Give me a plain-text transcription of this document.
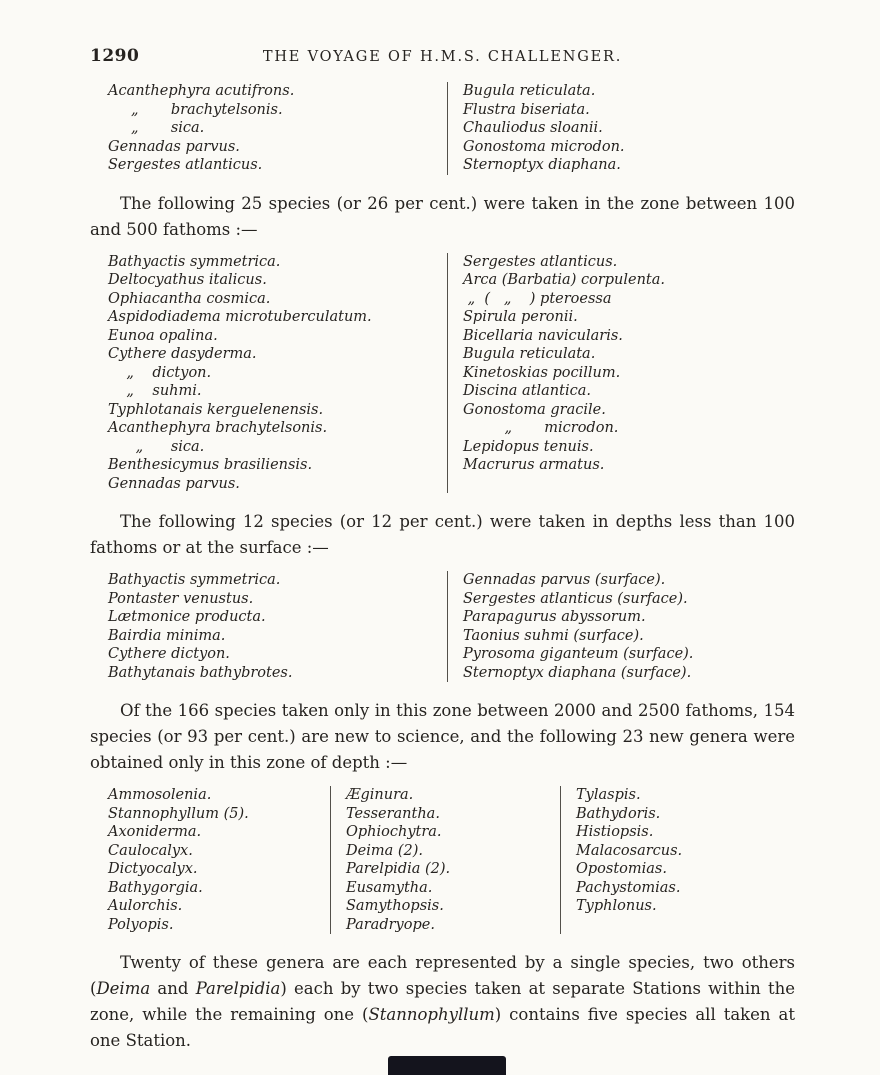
1290	THE VOYAGE OF H.M.S. CHALLENGER.
Acanthephyra acutifrons.
„       brachytelsonis.
„       sica.
Gennadas parvus.
Sergestes atlanticus.
Bugula reticulata.
Flustra biseriata.
Chauliodus sloanii.
Gonostoma microdon.
Sternoptyx diaphana.

The following 25 species (or 26 per cent.) were taken in the zone between 100 and 500 fathoms :—

Bathyactis symmetrica.
Deltocyathus italicus.
Ophiacantha cosmica.
Aspidodiadema microtuberculatum.
Eunoa opalina.
Cythere dasyderma.
„    dictyon.
„    suhmi.
Typhlotanais kerguelenensis.
Acanthephyra brachytelsonis.
„      sica.
Benthesicymus brasiliensis.
Gennadas parvus.
Sergestes atlanticus.
Arca (Barbatia) corpulenta.
„  (   „    ) pteroessa
Spirula peronii.
Bicellaria navicularis.
Bugula reticulata.
Kinetoskias pocillum.
Discina atlantica.
Gonostoma gracile.
„       microdon.
Lepidopus tenuis.
Macrurus armatus.

The following 12 species (or 12 per cent.) were taken in depths less than 100 fathoms or at the surface :—

Bathyactis symmetrica.
Pontaster venustus.
Lætmonice producta.
Bairdia minima.
Cythere dictyon.
Bathytanais bathybrotes.
Gennadas parvus (surface).
Sergestes atlanticus (surface).
Parapagurus abyssorum.
Taonius suhmi (surface).
Pyrosoma giganteum (surface).
Sternoptyx diaphana (surface).

Of the 166 species taken only in this zone between 2000 and 2500 fathoms, 154 species (or 93 per cent.) are new to science, and the following 23 new genera were obtained only in this zone of depth :—

Ammosolenia.
Stannophyllum (5).
Axoniderma.
Caulocalyx.
Dictyocalyx.
Bathygorgia.
Aulorchis.
Polyopis.
Æginura.
Tesserantha.
Ophiochytra.
Deima (2).
Parelpidia (2).
Eusamytha.
Samythopsis.
Paradryope.
Tylaspis.
Bathydoris.
Histiopsis.
Malacosarcus.
Opostomias.
Pachystomias.
Typhlonus.

Twenty of these genera are each represented by a single species, two others (Deima and Parelpidia) each by two species taken at separate Stations within the zone, while the remaining one (Stannophyllum) contains five species all taken at one Station.
